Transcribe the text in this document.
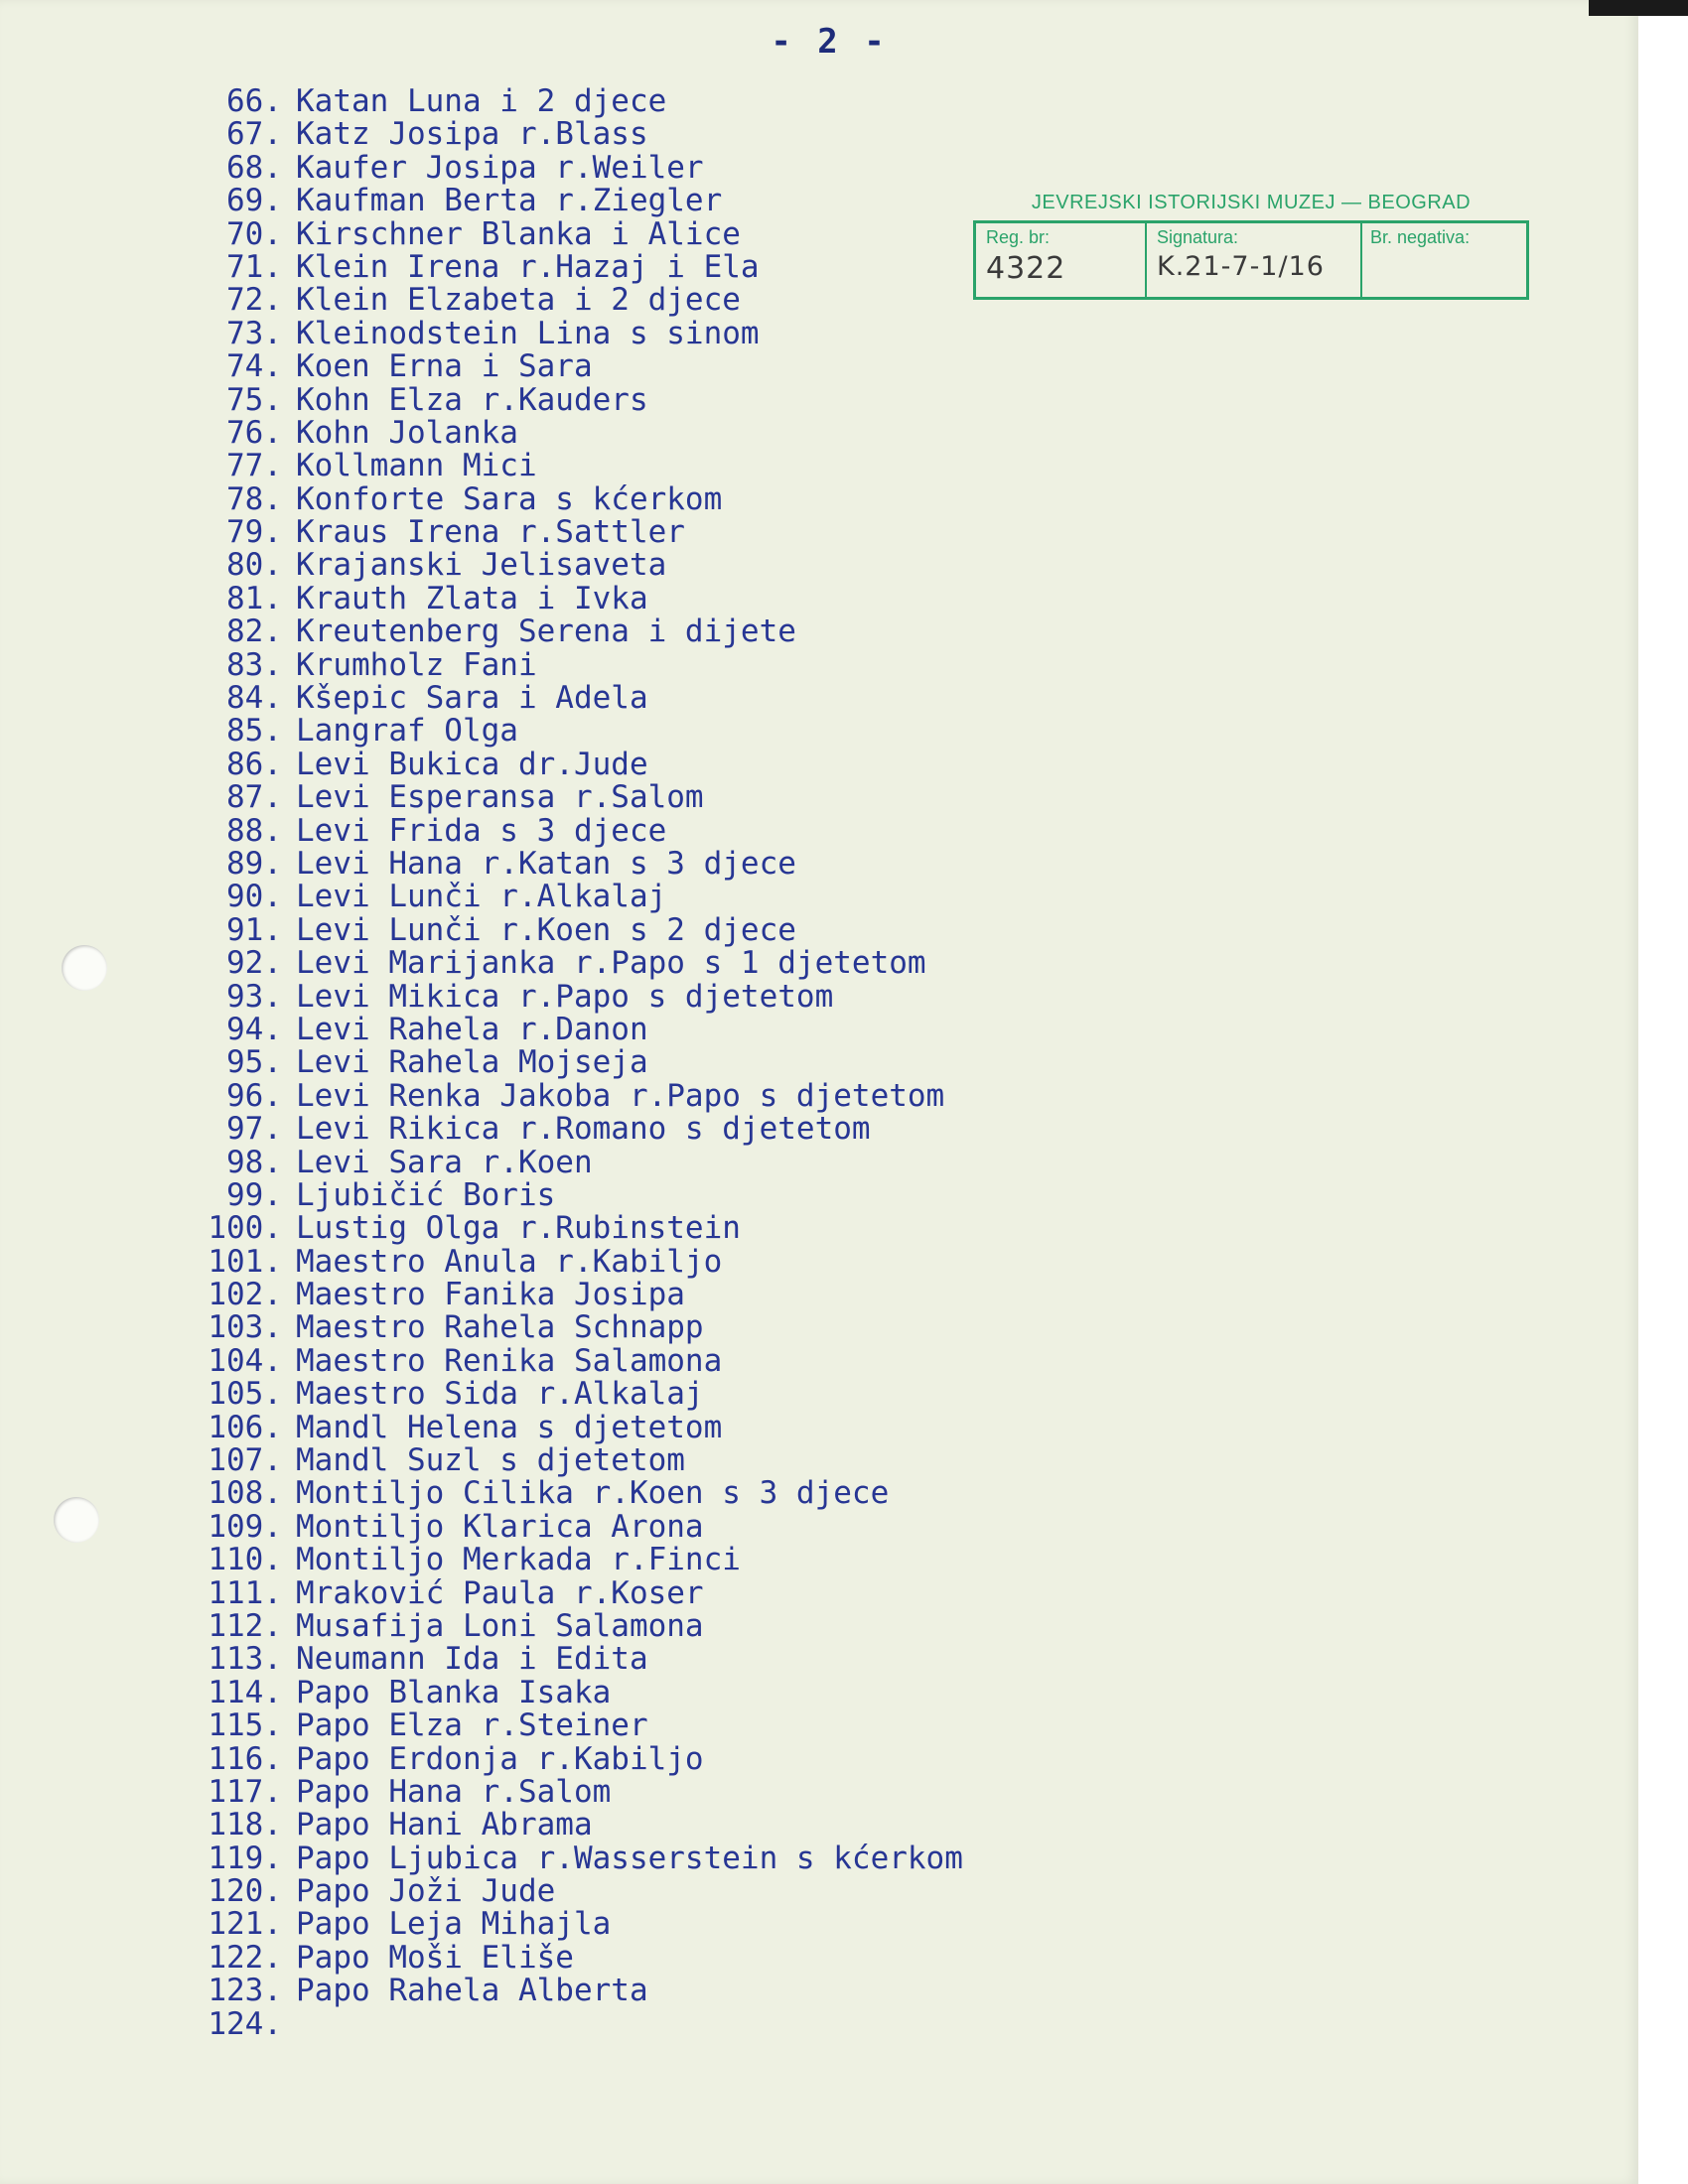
- 2 -
66. Katan Luna i 2 djece
67. Katz Josipa r.Blass
68. Kaufer Josipa r.Weiler
69. Kaufman Berta r.Ziegler
70. Kirschner Blanka i Alice
71. Klein Irena r.Hazaj i Ela
72. Klein Elzabeta i 2 djece
73. Kleinodstein Lina s sinom
74. Koen Erna i Sara
75. Kohn Elza r.Kauders
76. Kohn Jolanka
77. Kollmann Mici
78. Konforte Sara s kćerkom
79. Kraus Irena r.Sattler
80. Krajanski Jelisaveta
81. Krauth Zlata i Ivka
82. Kreutenberg Serena i dijete
83. Krumholz Fani
84. Kšepic Sara i Adela
85. Langraf Olga
86. Levi Bukica dr.Jude
87. Levi Esperansa r.Salom
88. Levi Frida s 3 djece
89. Levi Hana r.Katan s 3 djece
90. Levi Lunči r.Alkalaj
91. Levi Lunči r.Koen s 2 djece
92. Levi Marijanka r.Papo s 1 djetetom
93. Levi Mikica r.Papo s djetetom
94. Levi Rahela r.Danon
95. Levi Rahela Mojseja
96. Levi Renka Jakoba r.Papo s djetetom
97. Levi Rikica r.Romano s djetetom
98. Levi Sara r.Koen
99. Ljubičić Boris
100. Lustig Olga r.Rubinstein
101. Maestro Anula r.Kabiljo
102. Maestro Fanika Josipa
103. Maestro Rahela Schnapp
104. Maestro Renika Salamona
105. Maestro Sida r.Alkalaj
106. Mandl Helena s djetetom
107. Mandl Suzl s djetetom
108. Montiljo Cilika r.Koen s 3 djece
109. Montiljo Klarica Arona
110. Montiljo Merkada r.Finci
111. Mraković Paula r.Koser
112. Musafija Loni Salamona
113. Neumann Ida i Edita
114. Papo Blanka Isaka
115. Papo Elza r.Steiner
116. Papo Erdonja r.Kabiljo
117. Papo Hana r.Salom
118. Papo Hani Abrama
119. Papo Ljubica r.Wasserstein s kćerkom
120. Papo Joži Jude
121. Papo Leja Mihajla
122. Papo Moši Eliše
123. Papo Rahela Alberta
124.
JEVREJSKI ISTORIJSKI MUZEJ — BEOGRAD
Reg. br:
4322
Signatura:
K.21-7-1/16
Br. negativa:
